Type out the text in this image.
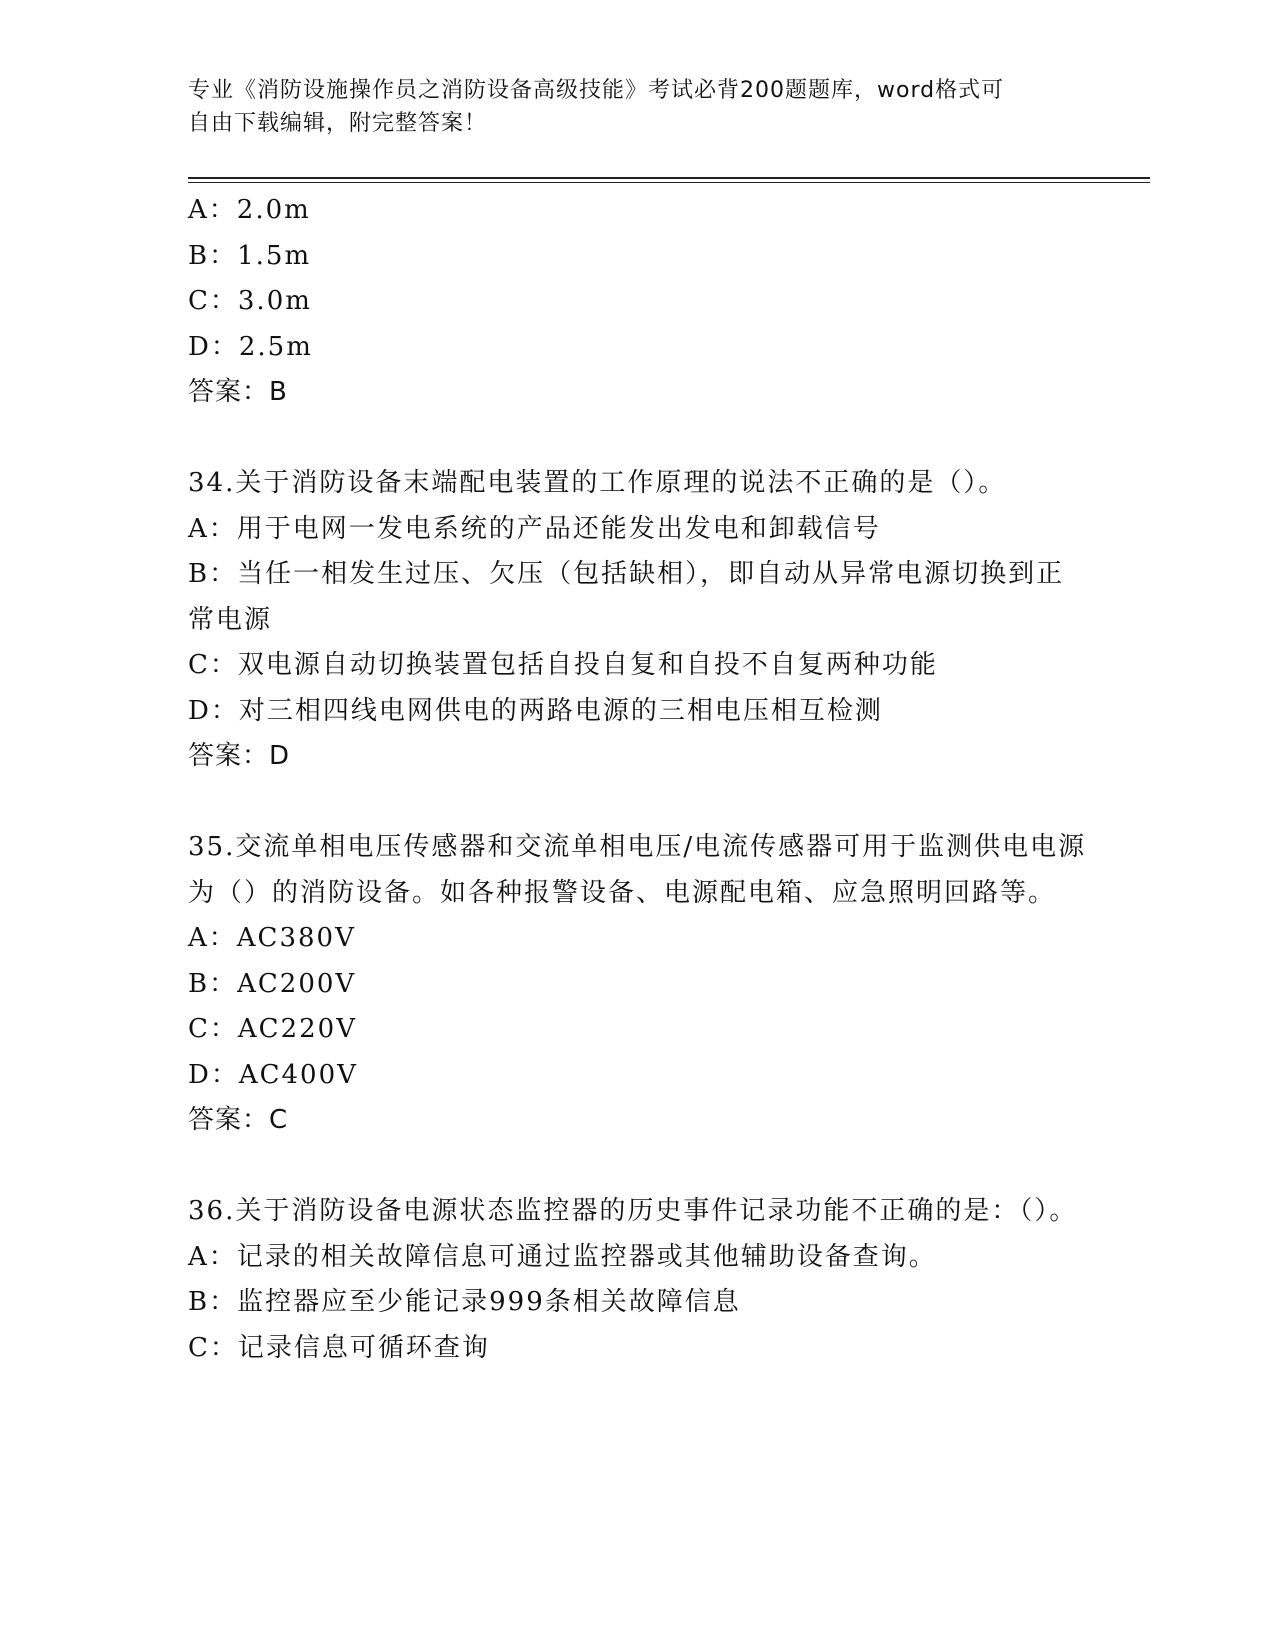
专业《消防设施操作员之消防设备高级技能》考试必背200题题库，word格式可
自由下载编辑，附完整答案！
A：2.0m
B：1.5m
C：3.0m
D：2.5m
答案：B
34.关于消防设备末端配电装置的工作原理的说法不正确的是（）。
A：用于电网一发电系统的产品还能发出发电和卸载信号
B：当任一相发生过压、欠压（包括缺相），即自动从异常电源切换到正常电源
C：双电源自动切换装置包括自投自复和自投不自复两种功能
D：对三相四线电网供电的两路电源的三相电压相互检测
答案：D
35.交流单相电压传感器和交流单相电压/电流传感器可用于监测供电电源为（）的消防设备。如各种报警设备、电源配电箱、应急照明回路等。
A：AC380V
B：AC200V
C：AC220V
D：AC400V
答案：C
36.关于消防设备电源状态监控器的历史事件记录功能不正确的是：（）。
A：记录的相关故障信息可通过监控器或其他辅助设备查询。
B：监控器应至少能记录999条相关故障信息
C：记录信息可循环查询
